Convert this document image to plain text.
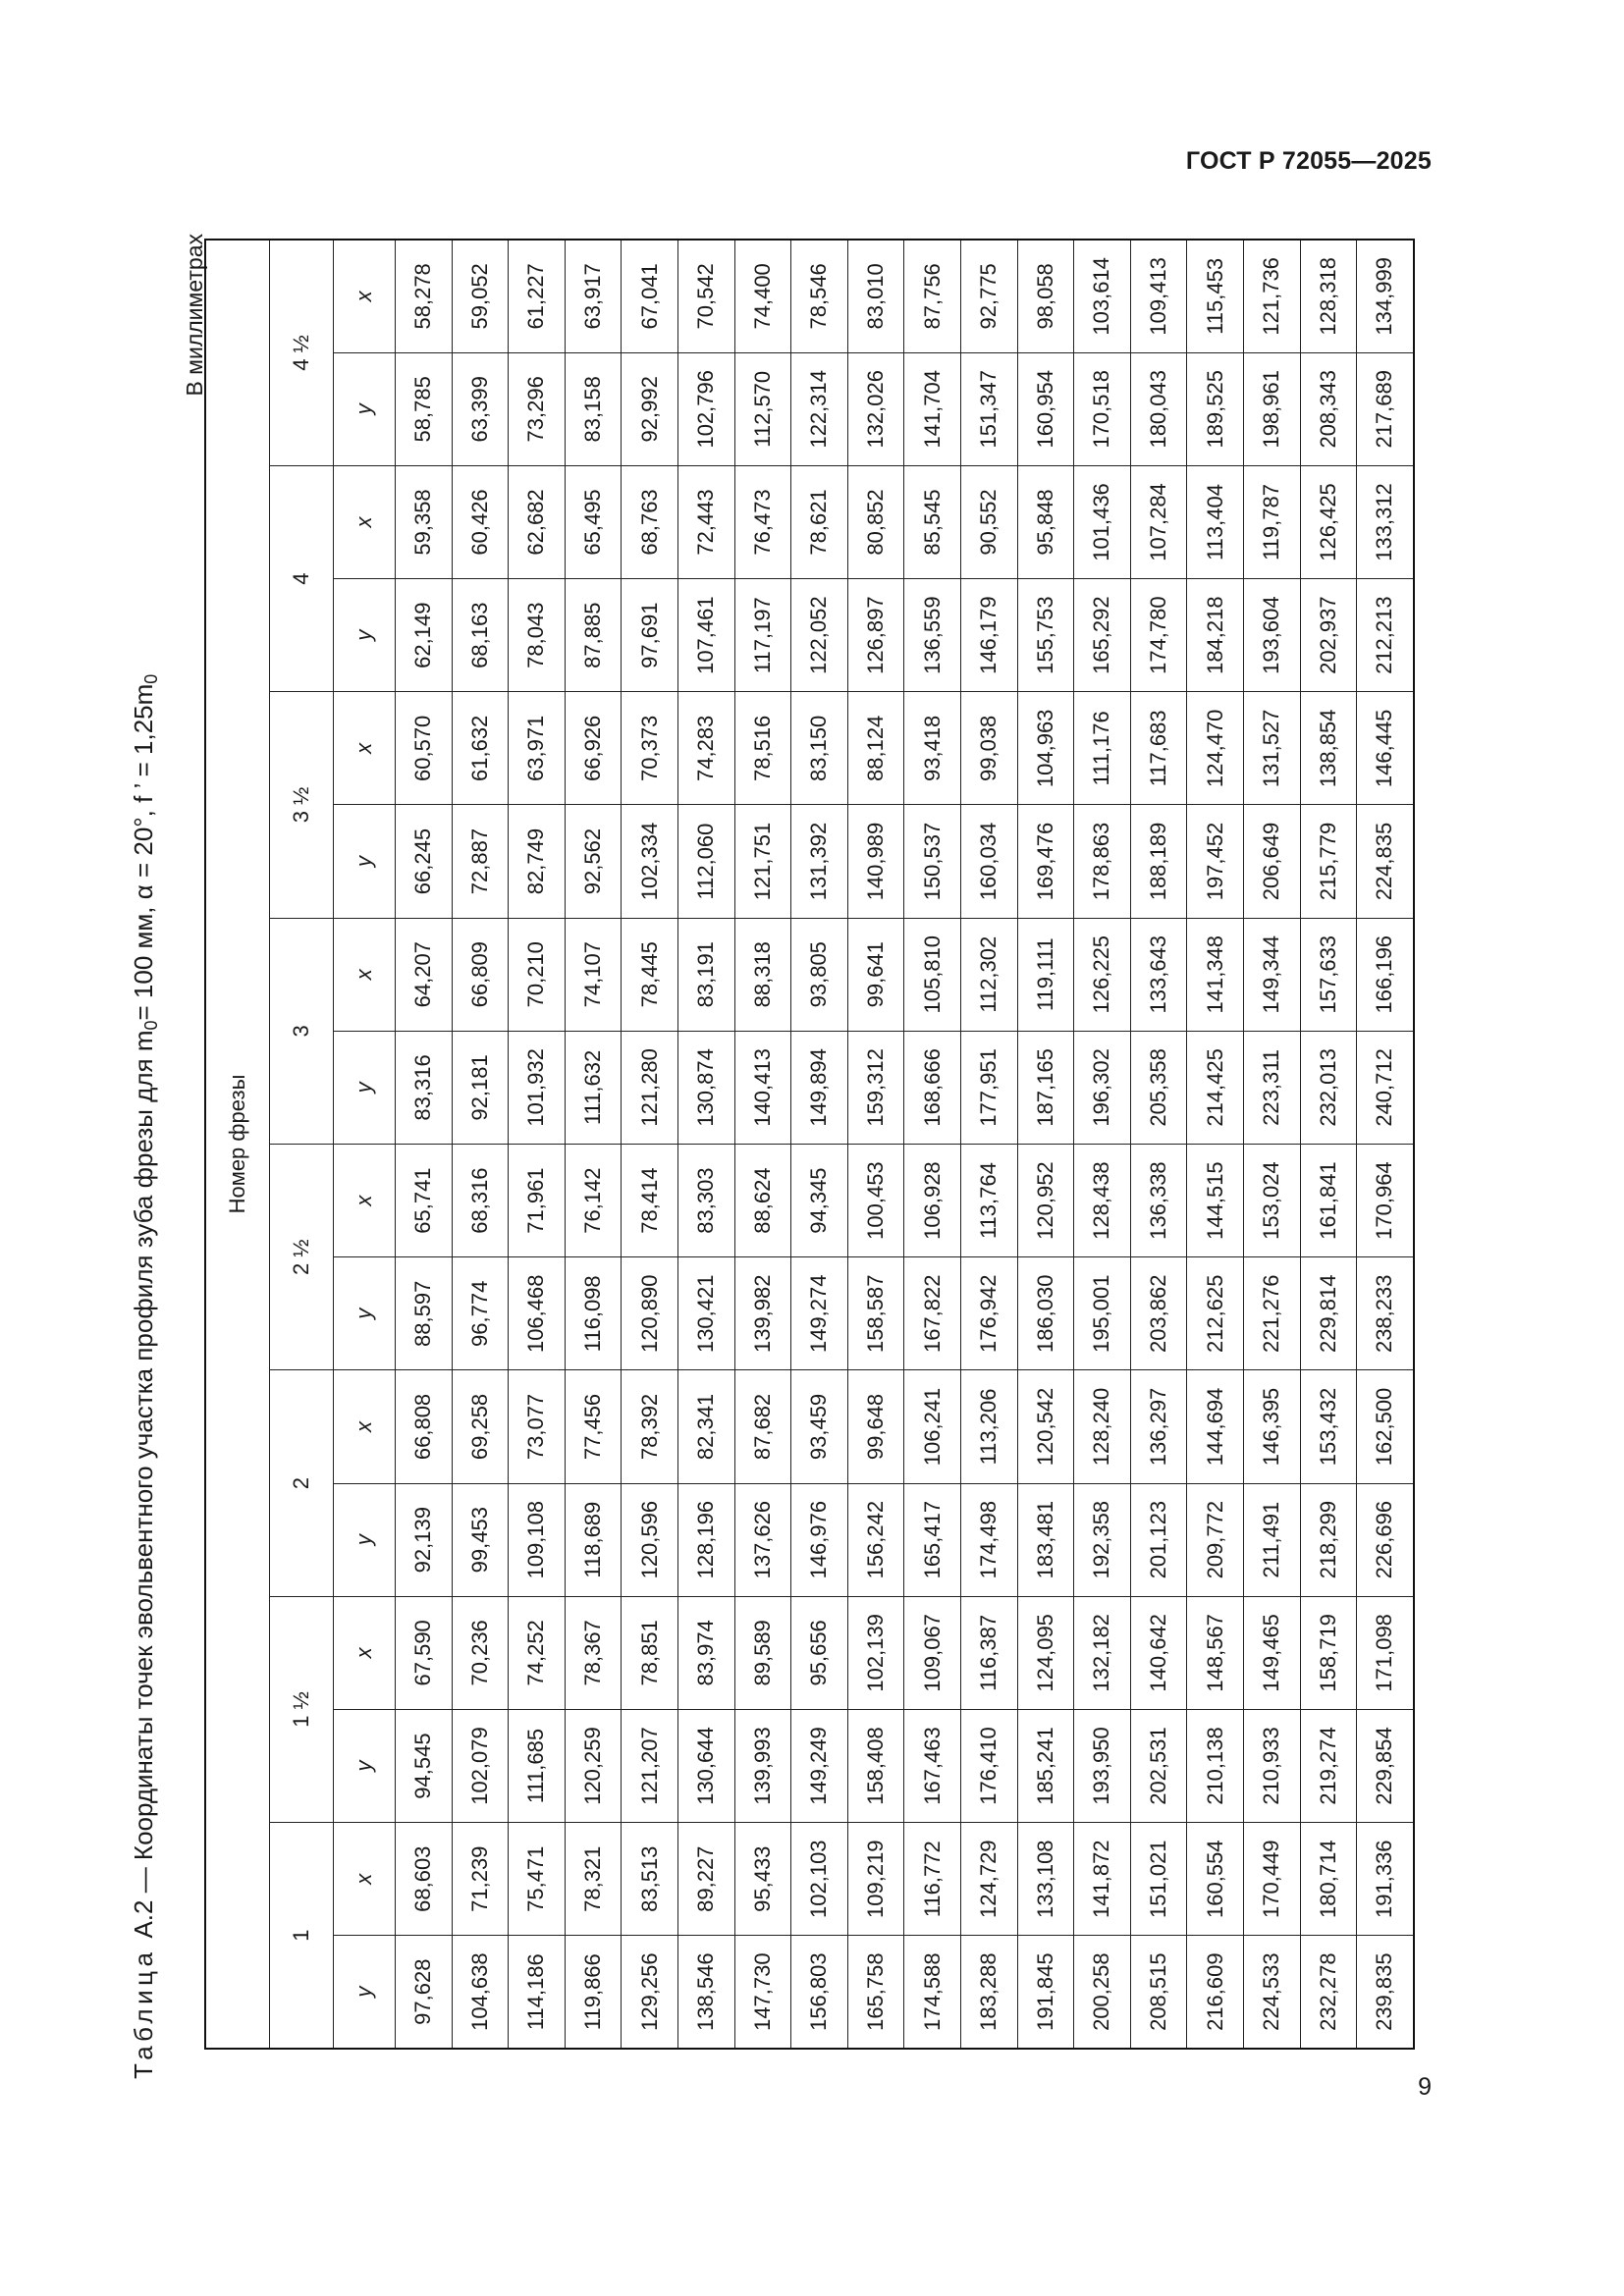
ГОСТ Р 72055—2025
Таблица
А.2 — Координаты точек эвольвентного участка профиля зуба фрезы для m
0
= 100 мм, α = 20°, f ’ = 1,25m
0
В миллиметрах
Номер фрезы															
1		1 ½		2		2 ½		3		3 ½		4		4 ½	
y	x	y	x	y	x	y	x	y	x	y	x	y	x	y	x
97,628	68,603	94,545	67,590	92,139	66,808	88,597	65,741	83,316	64,207	66,245	60,570	62,149	59,358	58,785	58,278
104,638	71,239	102,079	70,236	99,453	69,258	96,774	68,316	92,181	66,809	72,887	61,632	68,163	60,426	63,399	59,052
114,186	75,471	111,685	74,252	109,108	73,077	106,468	71,961	101,932	70,210	82,749	63,971	78,043	62,682	73,296	61,227
119,866	78,321	120,259	78,367	118,689	77,456	116,098	76,142	111,632	74,107	92,562	66,926	87,885	65,495	83,158	63,917
129,256	83,513	121,207	78,851	120,596	78,392	120,890	78,414	121,280	78,445	102,334	70,373	97,691	68,763	92,992	67,041
138,546	89,227	130,644	83,974	128,196	82,341	130,421	83,303	130,874	83,191	112,060	74,283	107,461	72,443	102,796	70,542
147,730	95,433	139,993	89,589	137,626	87,682	139,982	88,624	140,413	88,318	121,751	78,516	117,197	76,473	112,570	74,400
156,803	102,103	149,249	95,656	146,976	93,459	149,274	94,345	149,894	93,805	131,392	83,150	122,052	78,621	122,314	78,546
165,758	109,219	158,408	102,139	156,242	99,648	158,587	100,453	159,312	99,641	140,989	88,124	126,897	80,852	132,026	83,010
174,588	116,772	167,463	109,067	165,417	106,241	167,822	106,928	168,666	105,810	150,537	93,418	136,559	85,545	141,704	87,756
183,288	124,729	176,410	116,387	174,498	113,206	176,942	113,764	177,951	112,302	160,034	99,038	146,179	90,552	151,347	92,775
191,845	133,108	185,241	124,095	183,481	120,542	186,030	120,952	187,165	119,111	169,476	104,963	155,753	95,848	160,954	98,058
200,258	141,872	193,950	132,182	192,358	128,240	195,001	128,438	196,302	126,225	178,863	111,176	165,292	101,436	170,518	103,614
208,515	151,021	202,531	140,642	201,123	136,297	203,862	136,338	205,358	133,643	188,189	117,683	174,780	107,284	180,043	109,413
216,609	160,554	210,138	148,567	209,772	144,694	212,625	144,515	214,425	141,348	197,452	124,470	184,218	113,404	189,525	115,453
224,533	170,449	210,933	149,465	211,491	146,395	221,276	153,024	223,311	149,344	206,649	131,527	193,604	119,787	198,961	121,736
232,278	180,714	219,274	158,719	218,299	153,432	229,814	161,841	232,013	157,633	215,779	138,854	202,937	126,425	208,343	128,318
239,835	191,336	229,854	171,098	226,696	162,500	238,233	170,964	240,712	166,196	224,835	146,445	212,213	133,312	217,689	134,999
9
